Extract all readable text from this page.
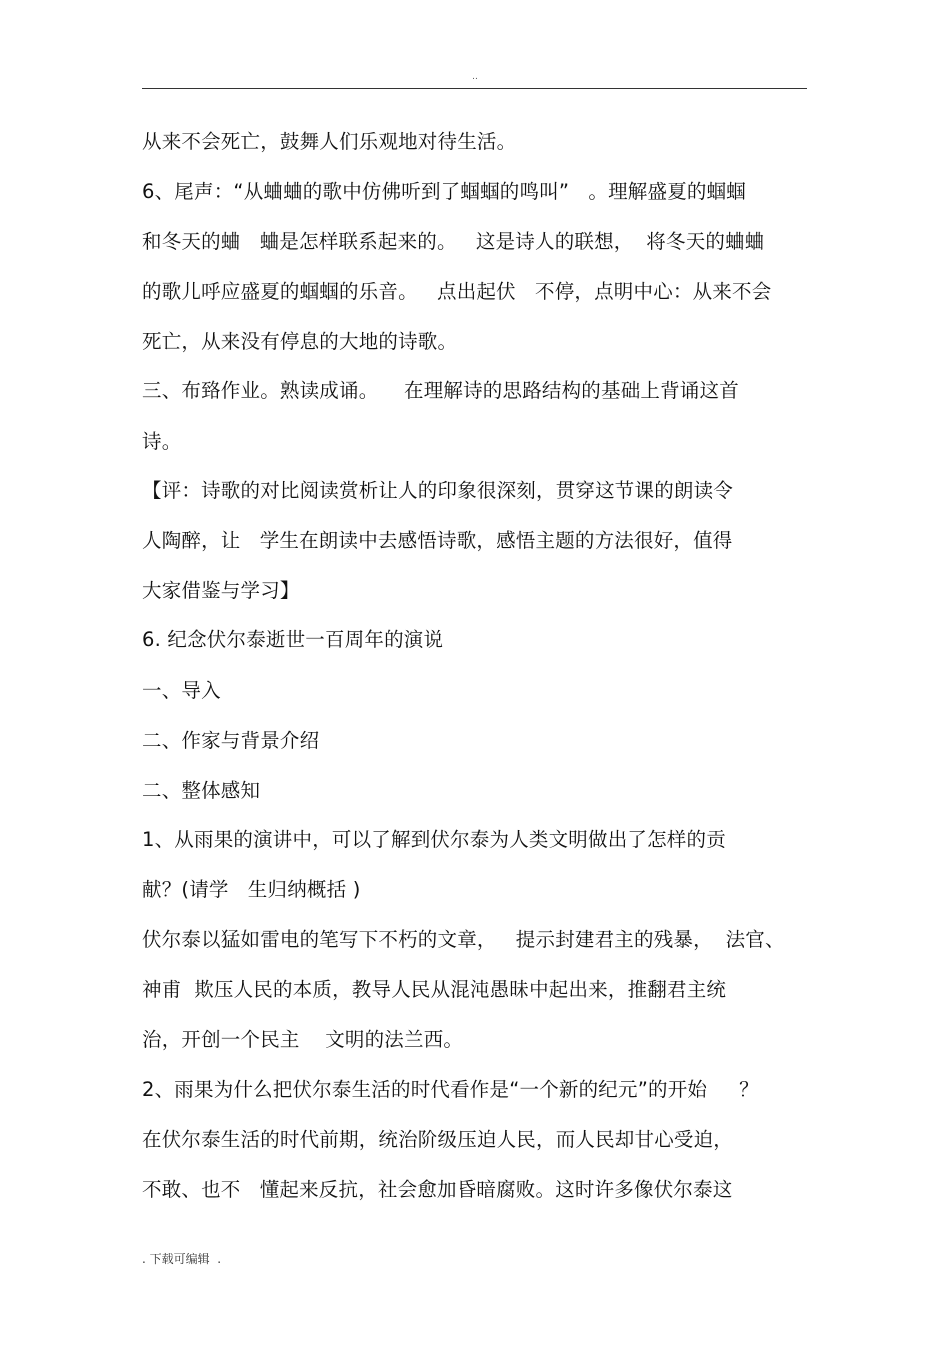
..
从来不会死亡，鼓舞人们乐观地对待生活。
6、尾声：“从蛐蛐的歌中仿佛听到了蝈蝈的鸣叫”   。理解盛夏的蝈蝈
和冬天的蛐   蛐是怎样联系起来的。   这是诗人的联想，  将冬天的蛐蛐
的歌儿呼应盛夏的蝈蝈的乐音。   点出起伏   不停，点明中心：从来不会
死亡，从来没有停息的大地的诗歌。
三、布臵作业。熟读成诵。    在理解诗的思路结构的基础上背诵这首
诗。
【评：诗歌的对比阅读赏析让人的印象很深刻，贯穿这节课的朗读令
人陶醉，让   学生在朗读中去感悟诗歌，感悟主题的方法很好，值得
大家借鉴与学习】
6. 纪念伏尔泰逝世一百周年的演说
一、导入
二、作家与背景介绍
二、整体感知
1、从雨果的演讲中，可以了解到伏尔泰为人类文明做出了怎样的贡
献？(请学   生归纳概括 )
伏尔泰以猛如雷电的笔写下不朽的文章，   提示封建君主的残暴，  法官、
神甫  欺压人民的本质，教导人民从混沌愚昧中起出来，推翻君主统
治，开创一个民主    文明的法兰西。
2、雨果为什么把伏尔泰生活的时代看作是“一个新的纪元”的开始     ？
在伏尔泰生活的时代前期，统治阶级压迫人民，而人民却甘心受迫，
不敢、也不   懂起来反抗，社会愈加昏暗腐败。这时许多像伏尔泰这
. 下载可编辑  .
